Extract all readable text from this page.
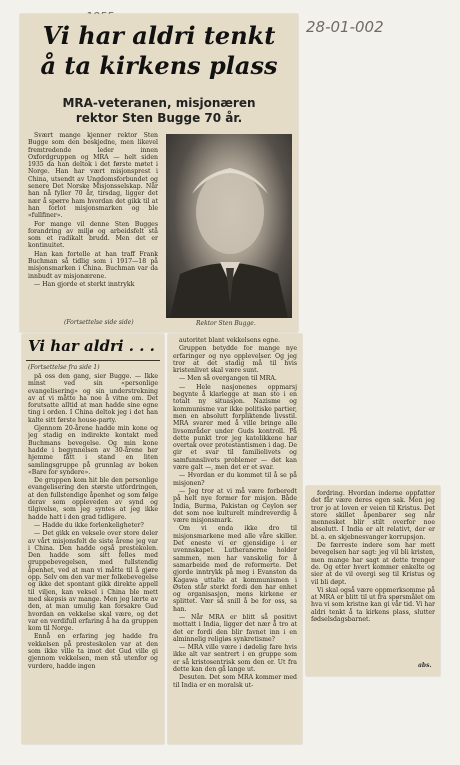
28-01-002
Vi har aldri tenkt
å ta kirkens plass
MRA-veteranen, misjonæren
rektor Sten Bugge 70 år.

Svært mange kjenner rektor Sten Bugge som den beskjedne, men likevel fremtredende leder innen Oxfordgruppen og MRA — helt siden 1935 da han deltok i det første møtet i Norge. Han har vært misjonsprest i China, utsendt av Ungdomsforbundet og senere Det Norske Misjonsselskap. Når han nå fyller 70 år, tirsdag, ligger det nær å spørre ham hvordan det gikk til at han forlot misjonsmarken og ble «fullfiner».

For mange vil denne Sten Bugges forandring av miljø og arbeidsfelt stå som et radikalt brudd. Men det er kontinuitet.

Han kan fortelle at han traff Frank Buchman så tidlig som i 1917—18 på misjonsmarken i China. Buchman var da innbudt av misjonærene.

— Han gjorde et sterkt inntrykk

(Fortsettelse side side)	Rektor Sten Bugge.
Vi har aldri . . .
(Fortsettelse fra side 1)

på oss den gang, sier Bugge. — Ikke minst ved sin «personlige evangelisering» og sin understrekning av at vi måtte ha noe å vitne om. Det forutsatte alltid at man hadde sine egne ting i orden. I China deltok jeg i det han kalte sitt første house-party.

Gjennom 20-årene hadde min kone og jeg stadig en indirekte kontakt med Buchmans bevegelse. Og min kone hadde i begynnelsen av 30-årene her hjemme fått i stand en liten samlingsgruppe på grunnlag av boken «Bare for syndere».

De gruppen kom hit ble den personlige evangelisering den største utfordringen, at den fullstendige åpenhet og som følge derav som oppleveden av synd og tilgivelse, som jeg syntes at jeg ikke hadde hatt i den grad tidligere.

— Hadde du ikke forlenkeligheter?

— Det gikk en veksele over store deler av vårt misjonsfelt de siste årene jeg var i China. Den hadde også prestekolen. Den hadde som sitt felles med gruppebevegelsen, med fullstendig åpenhet, ved at man vi måtte til å gjøre opp. Selv om den var mer folkebevegelse og ikke det spontant gikk direkte appell til viljen, kan veksel i China ble mett med skepsis av mange. Men jeg lærte av den, at man umulig kan forsakre Gud hvordan en vekkelse skal være, og det var en verdifull erfaring å ha da gruppen kom til Norge.

Ennå en erfaring jeg hadde fra vekkelsen på presteskolen var at den som ikke ville ta imot det Gud ville gi gjennom vekkelsen, men stå utenfor og vurdere, hadde ingen

autoritet blant vekkelsens egne.

Gruppen betydde for mange nye erfaringer og nye opplevelser. Og jeg tror at det stadig må til hvis kristenlivet skal være sunt.

— Men så overgangen til MRA.

— Hele nasjonenes oppmarsj begynte å klarlegge at man sto i en totalt ny situasjon. Nazisme og kommunisme var ikke politiske partier, men en absolutt forpliktende livsstil. MRA svarer med å ville bringe alle livsområder under Guds kontroll. På dette punkt tror jeg katolikkene har overtak over protestantismen i dag. De gir et svar til familielivets og samfunnslivets problemer — det kan være galt —, men det er et svar.

— Hvordan er du kommet til å se på misjonen?

— Jeg tror at vi må være forberedt på helt nye former for misjon. Både India, Burma, Pakistan og Ceylon ser det som noe kulturelt mindreverdig å være misjonsmark.

Om vi enda ikke dro til misjonsmarkene med alle våre skiller. Det eneste vi er gjensidige i er uvennskapet. Lutheranerne holder sammen, men har vanskelig for å samarbeide med de reformerte. Det gjorde inntrykk på meg i Evanston da Kagawa uttalte at kommunismen i Østen står sterkt fordi den har enhet og organisasjon, mens kirkene er splittet. Vær så snill å be for oss, sa han.

— Når MRA er blitt så positivt mottatt i India, ligger det nær å tro at det er fordi den blir favnet inn i en alminnelig religiøs synkretisme?

— MRA ville være i dødelig fare hvis ikke alt var sentrert i en gruppe som er så kristosentrisk som den er. Ut fra dette kan den gå lange ut.

Desuten. Det som MRA kommer med til India er en moralsk ut-

fordring. Hvordan inderne oppfatter det får være deres egen sak. Men jeg tror jo at loven er veien til Kristus. Det store skillet åpenbarer seg når mennesket blir stilt overfor noe absolutt. I India er alt relativt, der er bl. a. en skjebnesvanger korrupsjon.

De færreste indere som har mett bevegelsen har sagt: jeg vil bli kristen, men mange har sagt at dette trenger de. Og etter hvert kommer enkelte og sier at de vil overgi seg til Kristus og vil bli døpt.

Vi skal også være oppmerksomme på at MRA er blitt til ut fra spørsmålet om hva vi som kristne kan gi vår tid. Vi har aldri tenkt å ta kirkens plass, slutter fødselsdagsbarnet.

abs.
